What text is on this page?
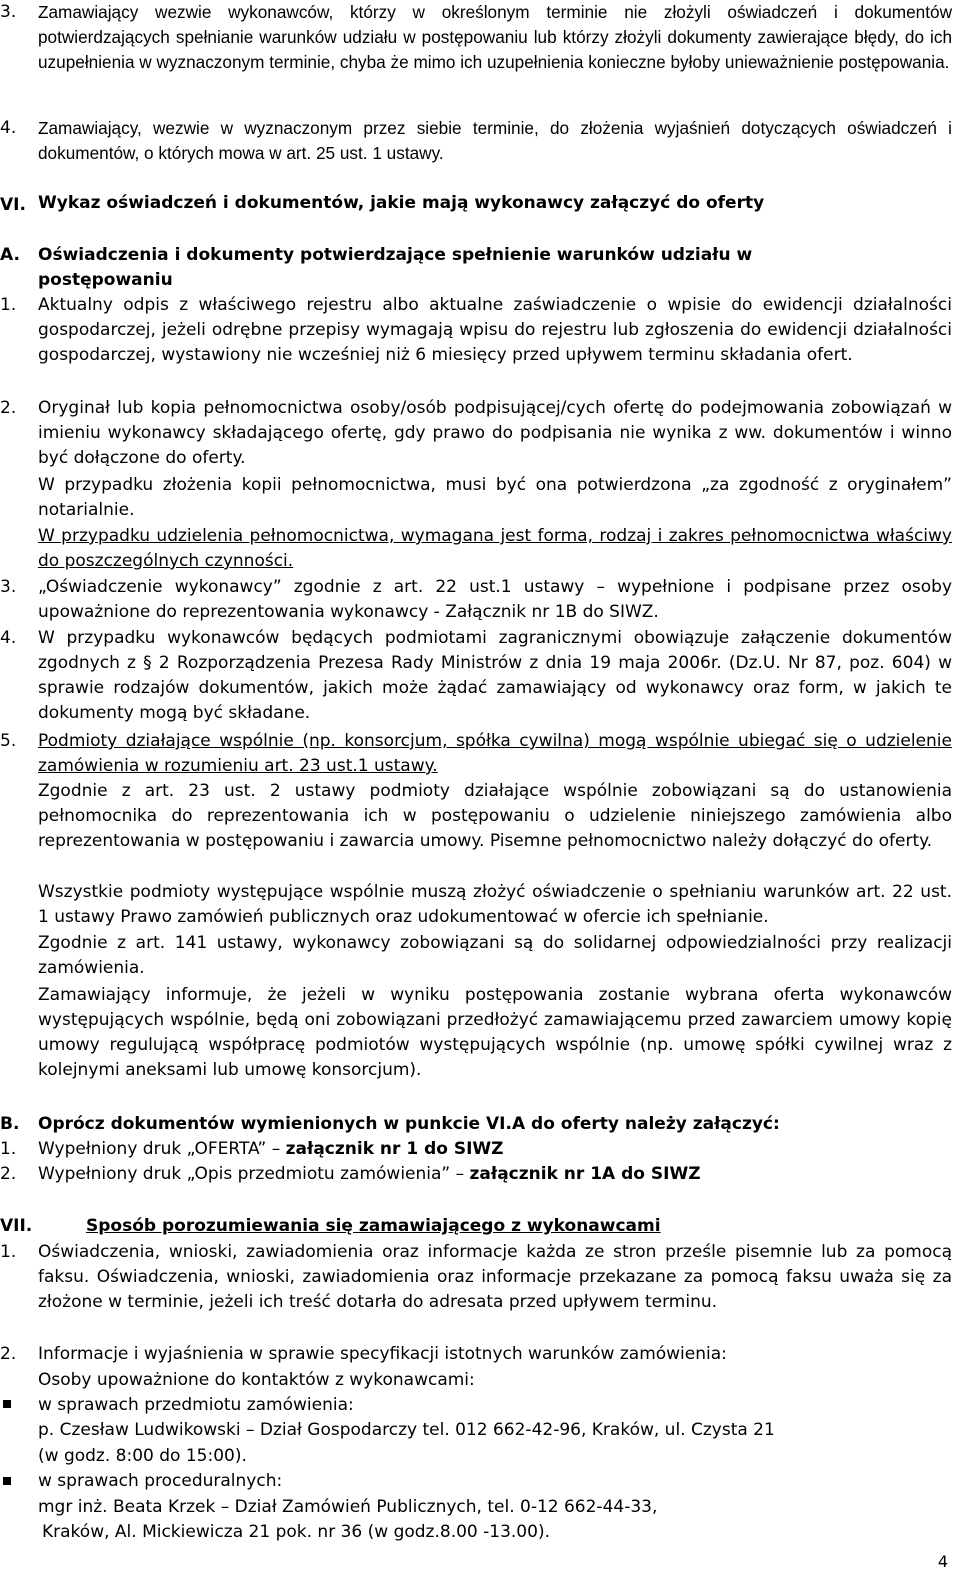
3.	Zamawiający wezwie wykonawców, którzy w określonym terminie nie złożyli oświadczeń i dokumentów potwierdzających spełnianie warunków udziału w postępowaniu lub którzy złożyli dokumenty zawierające błędy, do ich uzupełnienia w wyznaczonym terminie, chyba że mimo ich uzupełnienia konieczne byłoby unieważnienie postępowania.
4.	Zamawiający, wezwie w wyznaczonym przez siebie terminie, do złożenia wyjaśnień dotyczących oświadczeń i dokumentów, o których mowa w art. 25 ust. 1 ustawy.
VI. Wykaz oświadczeń i dokumentów, jakie mają wykonawcy załączyć do oferty
A. Oświadczenia i dokumenty potwierdzające spełnienie warunków udziału w postępowaniu
1.	Aktualny odpis z właściwego rejestru albo aktualne zaświadczenie o wpisie do ewidencji działalności gospodarczej, jeżeli odrębne przepisy wymagają wpisu do rejestru lub zgłoszenia do ewidencji działalności gospodarczej, wystawiony nie wcześniej niż 6 miesięcy przed upływem terminu składania ofert.
2.	Oryginał lub kopia pełnomocnictwa osoby/osób podpisującej/cych ofertę do podejmowania zobowiązań w imieniu wykonawcy składającego ofertę, gdy prawo do podpisania nie wynika z ww. dokumentów i winno być dołączone do oferty.
W przypadku złożenia kopii pełnomocnictwa, musi być ona potwierdzona „za zgodność z oryginałem” notarialnie.
W przypadku udzielenia pełnomocnictwa, wymagana jest forma, rodzaj i zakres pełnomocnictwa właściwy do poszczególnych czynności.
3.	„Oświadczenie wykonawcy” zgodnie z art. 22 ust.1 ustawy – wypełnione i podpisane przez osoby upoważnione do reprezentowania wykonawcy - Załącznik nr 1B do SIWZ.
4.	W przypadku wykonawców będących podmiotami zagranicznymi obowiązuje załączenie dokumentów zgodnych z § 2 Rozporządzenia Prezesa Rady Ministrów z dnia 19 maja 2006r. (Dz.U. Nr 87, poz. 604) w sprawie rodzajów dokumentów, jakich może żądać zamawiający od wykonawcy oraz form, w jakich te dokumenty mogą być składane.
5.	Podmioty działające wspólnie (np. konsorcjum, spółka cywilna) mogą wspólnie ubiegać się o udzielenie zamówienia w rozumieniu art. 23 ust.1 ustawy.
Zgodnie z art. 23 ust. 2 ustawy podmioty działające wspólnie zobowiązani są do ustanowienia pełnomocnika do reprezentowania ich w postępowaniu o udzielenie niniejszego zamówienia albo reprezentowania w postępowaniu i zawarcia umowy. Pisemne pełnomocnictwo należy dołączyć do oferty.
Wszystkie podmioty występujące wspólnie muszą złożyć oświadczenie o spełnianiu warunków art. 22 ust. 1 ustawy Prawo zamówień publicznych oraz udokumentować w ofercie ich spełnianie.
Zgodnie z art. 141 ustawy, wykonawcy zobowiązani są do solidarnej odpowiedzialności przy realizacji zamówienia.
Zamawiający informuje, że jeżeli w wyniku postępowania zostanie wybrana oferta wykonawców występujących wspólnie, będą oni zobowiązani przedłożyć zamawiającemu przed zawarciem umowy kopię umowy regulującą współpracę podmiotów występujących wspólnie (np. umowę spółki cywilnej wraz z kolejnymi aneksami lub umowę konsorcjum).
B. Oprócz dokumentów wymienionych w punkcie VI.A do oferty należy załączyć:
1.	Wypełniony druk „OFERTA” – załącznik nr 1 do SIWZ
2.	Wypełniony druk „Opis przedmiotu zamówienia” – załącznik nr 1A do SIWZ
VII.	Sposób porozumiewania się zamawiającego z wykonawcami
1.	Oświadczenia, wnioski, zawiadomienia oraz informacje każda ze stron prześle pisemnie lub za pomocą faksu. Oświadczenia, wnioski, zawiadomienia oraz informacje przekazane za pomocą faksu uważa się za złożone w terminie, jeżeli ich treść dotarła do adresata przed upływem terminu.
2.	Informacje i wyjaśnienia w sprawie specyfikacji istotnych warunków zamówienia:
Osoby upoważnione do kontaktów z wykonawcami:
w sprawach przedmiotu zamówienia:
p. Czesław Ludwikowski – Dział Gospodarczy tel. 012 662-42-96, Kraków, ul. Czysta 21
(w godz. 8:00 do 15:00).
w sprawach proceduralnych:
mgr inż. Beata Krzek – Dział Zamówień Publicznych, tel. 0-12 662-44-33,
Kraków, Al. Mickiewicza 21 pok. nr 36 (w godz.8.00 -13.00).
4
